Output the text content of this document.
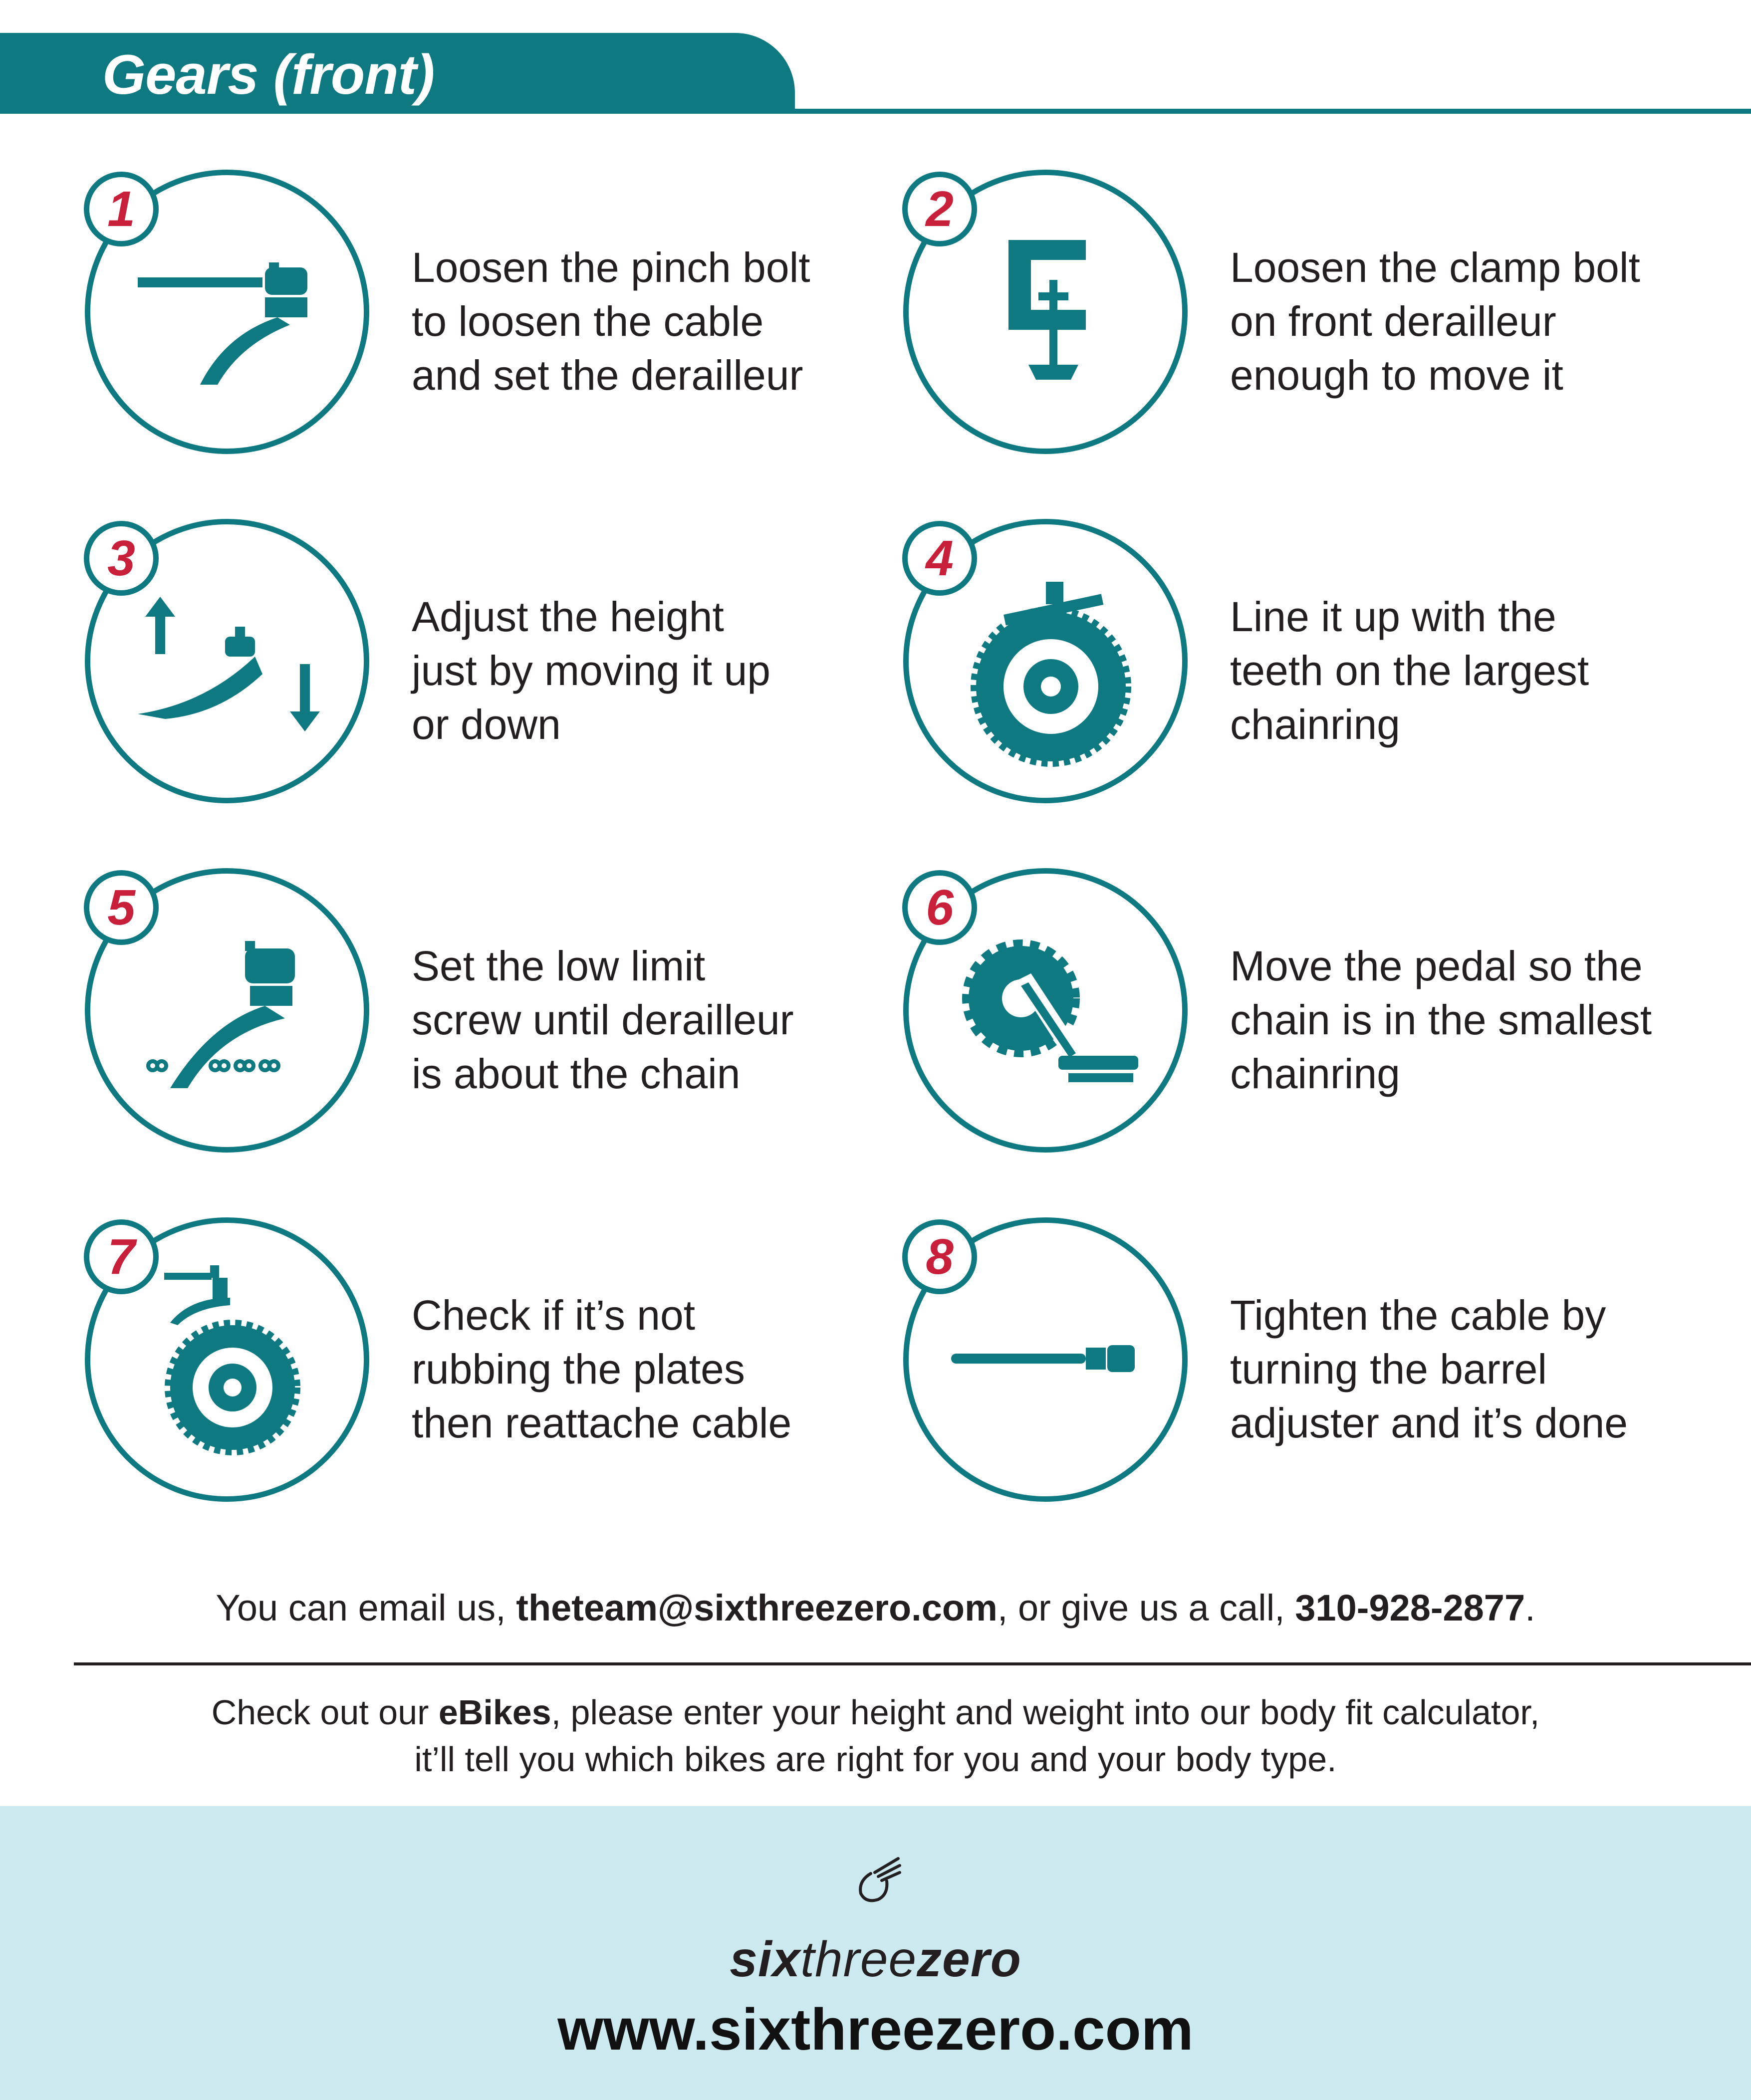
Gears (front)
1
Loosen the pinch bolt
to loosen the cable
and set the derailleur
2
Loosen the clamp bolt
on front derailleur
enough to move it
3
Adjust the height
just by moving it up
or down
4
Line it up with the
teeth on the largest
chainring
5
Set the low limit
screw until derailleur
is about the chain
6
Move the pedal so the
chain is in the smallest
chainring
7
Check if it’s not
rubbing the plates
then reattache cable
8
Tighten the cable by
turning the barrel
adjuster and it’s done
You can email us, theteam@sixthreezero.com, or give us a call, 310-928-2877.
Check out our eBikes, please enter your height and weight into our body fit calculator,
it’ll tell you which bikes are right for you and your body type.
sixthreezero
www.sixthreezero.com
